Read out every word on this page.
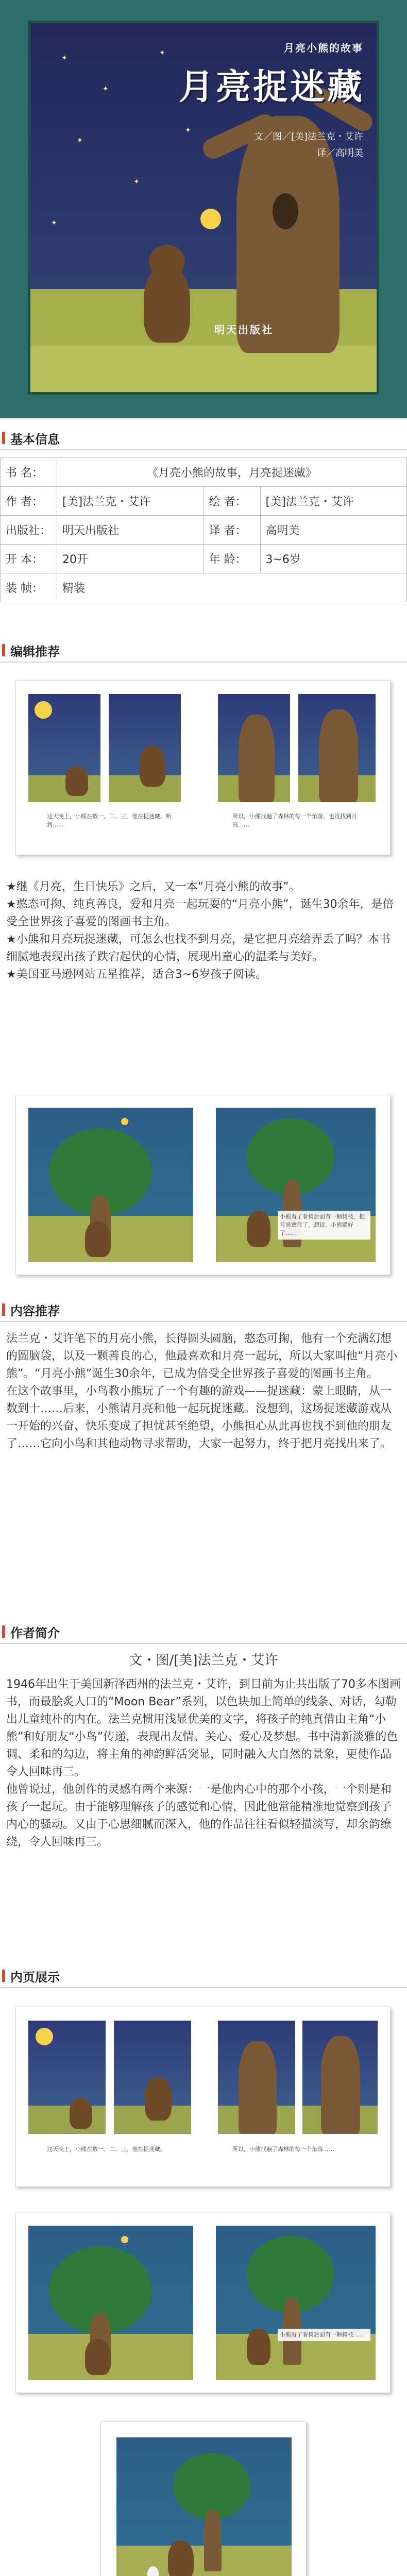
✦
✦
✦
✦
✦
✦
✦
月亮小熊的故事
月亮捉迷藏
文／图／[美]法兰克・艾许
译／高明美
明天出版社
基本信息
书 名：	《月亮小熊的故事，月亮捉迷藏》		
作 者：	[美]法兰克・艾许	绘 者：	[美]法兰克・艾许
出版社：	明天出版社	译 者：	高明美
开 本：	20开	年 龄：	3~6岁
装 帧：	精装		
编辑推荐
这天晚上，小熊在数一、二、三，他在捉迷藏。听到……
所以，小熊找遍了森林的每一个角落，也没找到月亮……

★继《月亮，生日快乐》之后，又一本“月亮小熊的故事”。

★憨态可掬、纯真善良，爱和月亮一起玩耍的“月亮小熊”，诞生30余年，是倍受全世界孩子喜爱的图画书主角。

★小熊和月亮玩捉迷藏，可怎么也找不到月亮，是它把月亮给弄丢了吗？本书细腻地表现出孩子跌宕起伏的心情，展现出童心的温柔与美好。

★美国亚马逊网站五星推荐，适合3~6岁孩子阅读。

小熊看了看树后面有一颗树枝，把月亮遮住了，想说，小熊躲好了……
内容推荐

法兰克・艾许笔下的月亮小熊，长得圆头圆脑，憨态可掬，他有一个充满幻想的圆脑袋，以及一颗善良的心，他最喜欢和月亮一起玩，所以大家叫他“月亮小熊”。“月亮小熊”诞生30余年，已成为倍受全世界孩子喜爱的图画书主角。

在这个故事里，小鸟教小熊玩了一个有趣的游戏——捉迷藏：蒙上眼睛，从一数到十……后来，小熊请月亮和他一起玩捉迷藏。没想到，这场捉迷藏游戏从一开始的兴奋、快乐变成了担忧甚至绝望，小熊担心从此再也找不到他的朋友了……它向小鸟和其他动物寻求帮助，大家一起努力，终于把月亮找出来了。

作者简介
文・图/[美]法兰克・艾许

1946年出生于美国新泽西州的法兰克・艾许，到目前为止共出版了70多本图画书，而最脍炙人口的“Moon Bear”系列，以色块加上简单的线条、对话，勾勒出儿童纯朴的内在。法兰克惯用浅显优美的文字，将孩子的纯真借由主角“小熊”和好朋友“小鸟”传递，表现出友情、关心、爱心及梦想。书中清新淡雅的色调、柔和的勾边，将主角的神韵鲜活突显，同时融入大自然的景象，更使作品令人回味再三。

他曾说过，他创作的灵感有两个来源：一是他内心中的那个小孩，一个则是和孩子一起玩。由于能够理解孩子的感觉和心情，因此他常能精准地觉察到孩子内心的骚动。又由于心思细腻而深入，他的作品往往看似轻描淡写，却余韵缭绕，令人回味再三。

内页展示
这天晚上，小熊在数一、二、三，他在捉迷藏。	所以，小熊找遍了森林的每一个角落……
小熊看了看树后面有一颗树枝……
